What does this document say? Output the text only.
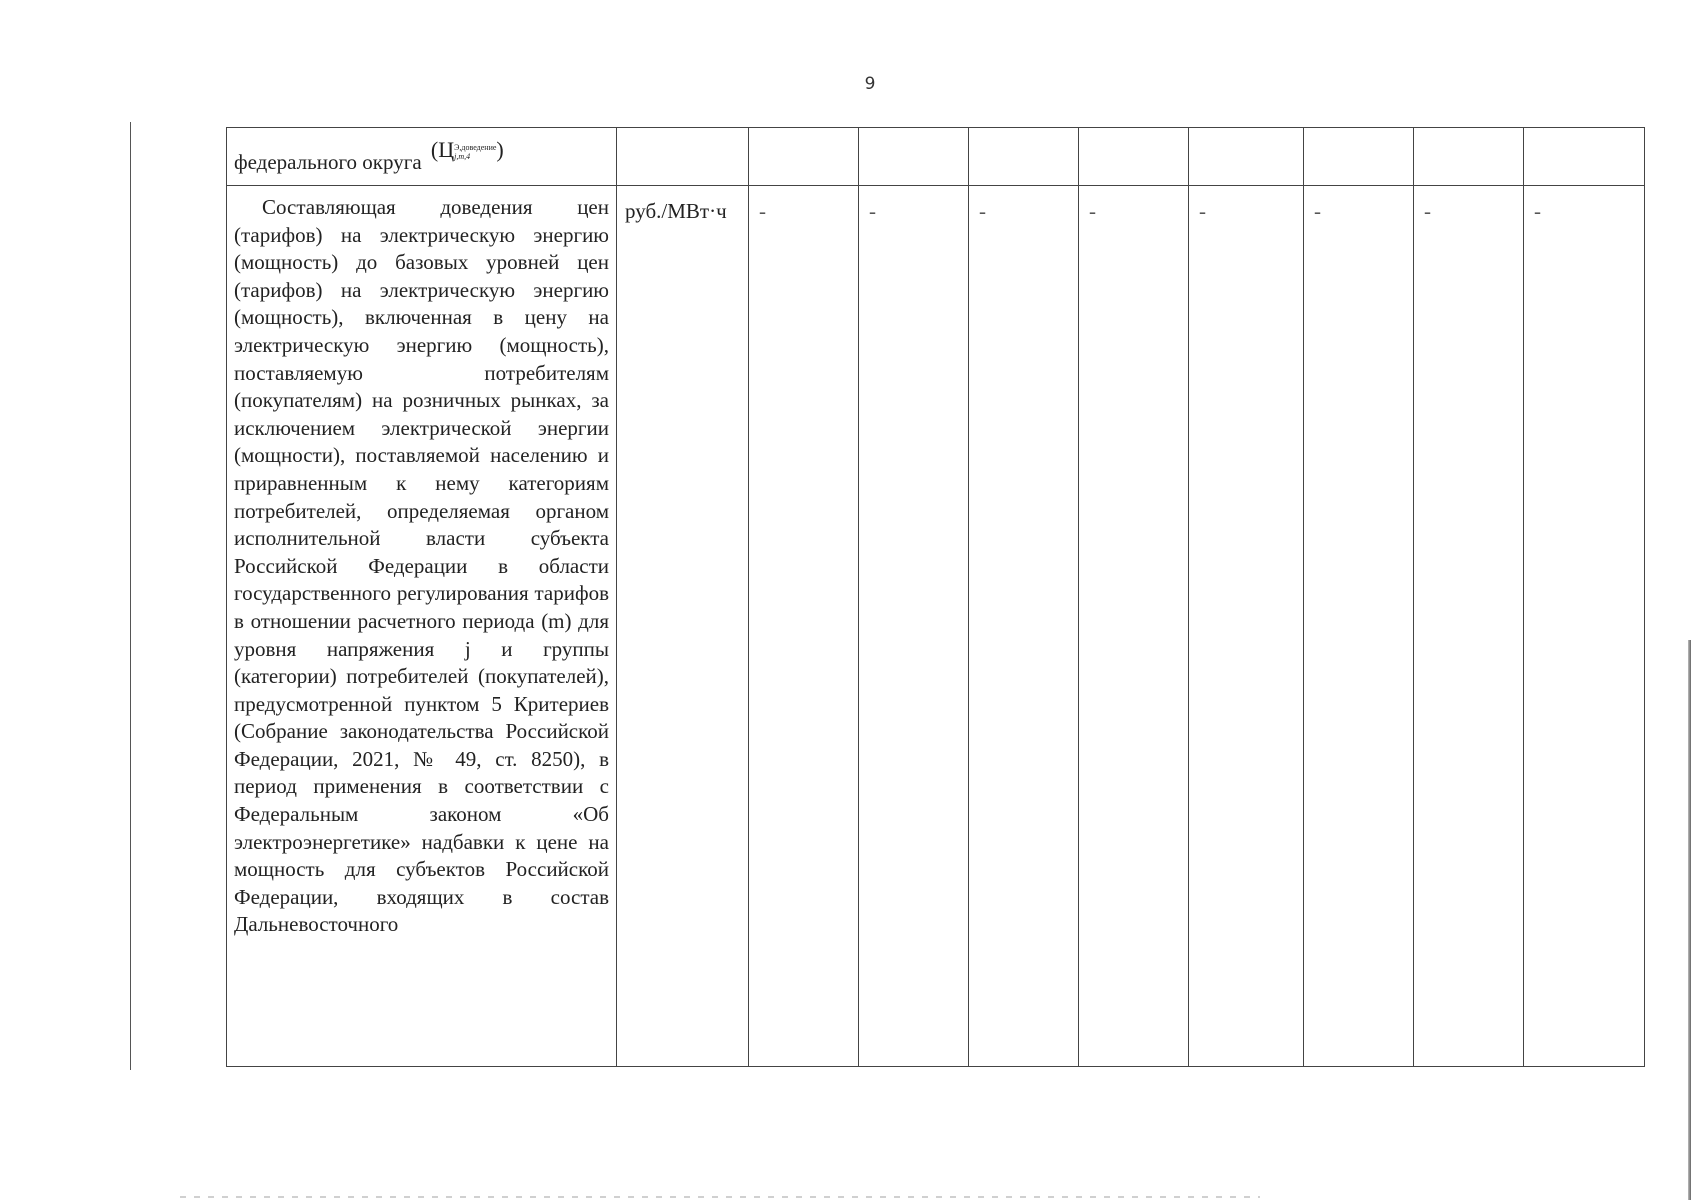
9
федерального округа (Ц Э,доведение
j,m,4 )									

Составляющая доведения цен (тарифов) на электрическую энергию (мощность) до базовых уровней цен (тарифов) на электрическую энергию (мощность), включенная в цену на электрическую энергию (мощность), поставляемую потребителям (покупателям) на розничных рынках, за исключением электрической энергии (мощности), поставляемой населению и приравненным к нему категориям потребителей, определяемая органом исполнительной власти субъекта Российской Федерации в области государственного регулирования тарифов в отношении расчетного периода (m) для уровня напряжения j и группы (категории) потребителей (покупателей), предусмотренной пунктом 5 Критериев (Собрание законодательства Российской Федерации, 2021, № 49, ст. 8250), в период применения в соответствии с Федеральным законом «Об электроэнергетике» надбавки к цене на мощность для субъектов Российской Федерации, входящих в состав Дальневосточного	руб./МВт·ч	-	-	-	-	-	-	-	-
